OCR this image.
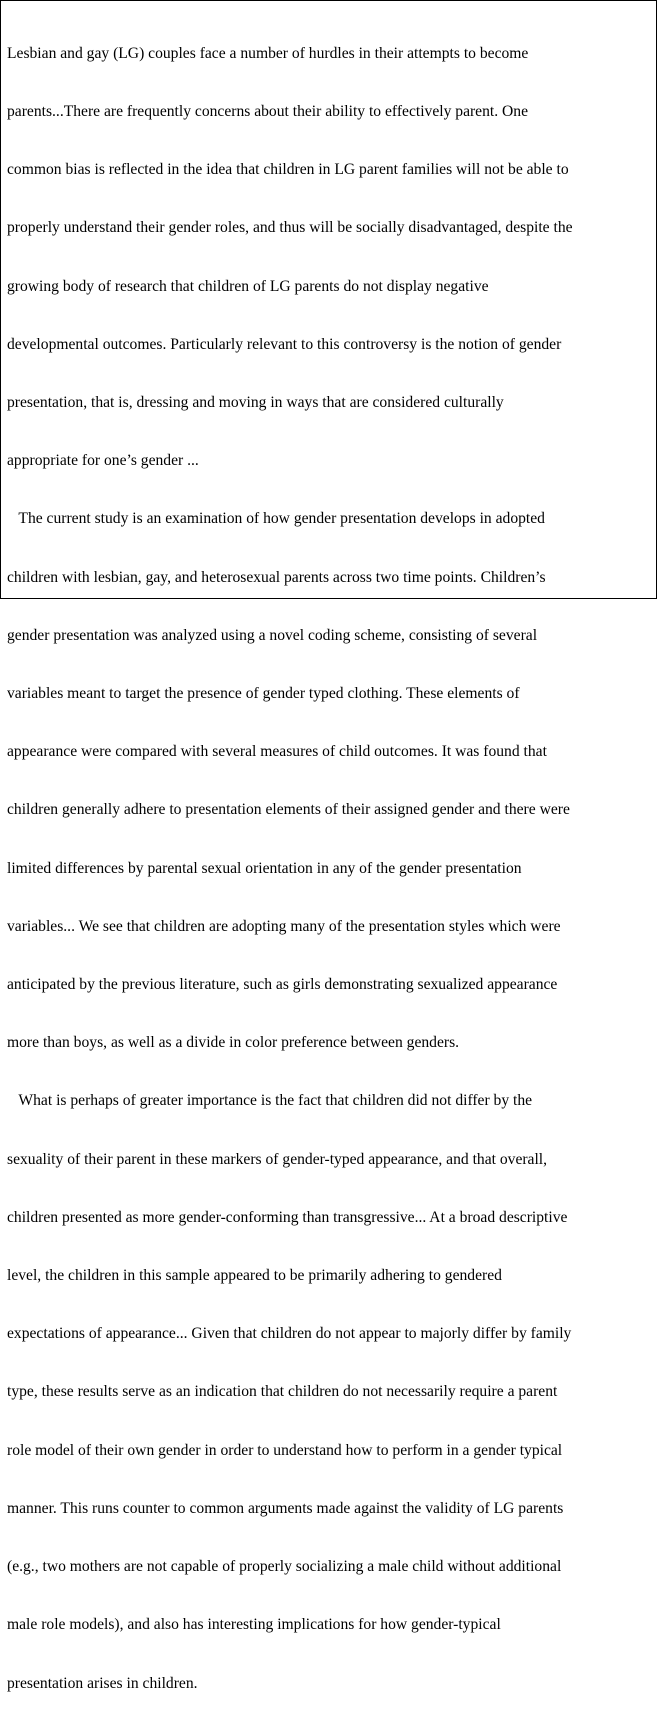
Lesbian and gay (LG) couples face a number of hurdles in their attempts to become

parents...There are frequently concerns about their ability to effectively parent. One

common bias is reflected in the idea that children in LG parent families will not be able to

properly understand their gender roles, and thus will be socially disadvantaged, despite the

growing body of research that children of LG parents do not display negative

developmental outcomes. Particularly relevant to this controversy is the notion of gender

presentation, that is, dressing and moving in ways that are considered culturally

appropriate for one’s gender ...

The current study is an examination of how gender presentation develops in adopted

children with lesbian, gay, and heterosexual parents across two time points. Children’s

gender presentation was analyzed using a novel coding scheme, consisting of several

variables meant to target the presence of gender typed clothing. These elements of

appearance were compared with several measures of child outcomes. It was found that

children generally adhere to presentation elements of their assigned gender and there were

limited differences by parental sexual orientation in any of the gender presentation

variables... We see that children are adopting many of the presentation styles which were

anticipated by the previous literature, such as girls demonstrating sexualized appearance

more than boys, as well as a divide in color preference between genders.

What is perhaps of greater importance is the fact that children did not differ by the

sexuality of their parent in these markers of gender-typed appearance, and that overall,

children presented as more gender-conforming than transgressive... At a broad descriptive

level, the children in this sample appeared to be primarily adhering to gendered

expectations of appearance... Given that children do not appear to majorly differ by family

type, these results serve as an indication that children do not necessarily require a parent

role model of their own gender in order to understand how to perform in a gender typical

manner. This runs counter to common arguments made against the validity of LG parents

(e.g., two mothers are not capable of properly socializing a male child without additional

male role models), and also has interesting implications for how gender-typical

presentation arises in children.
